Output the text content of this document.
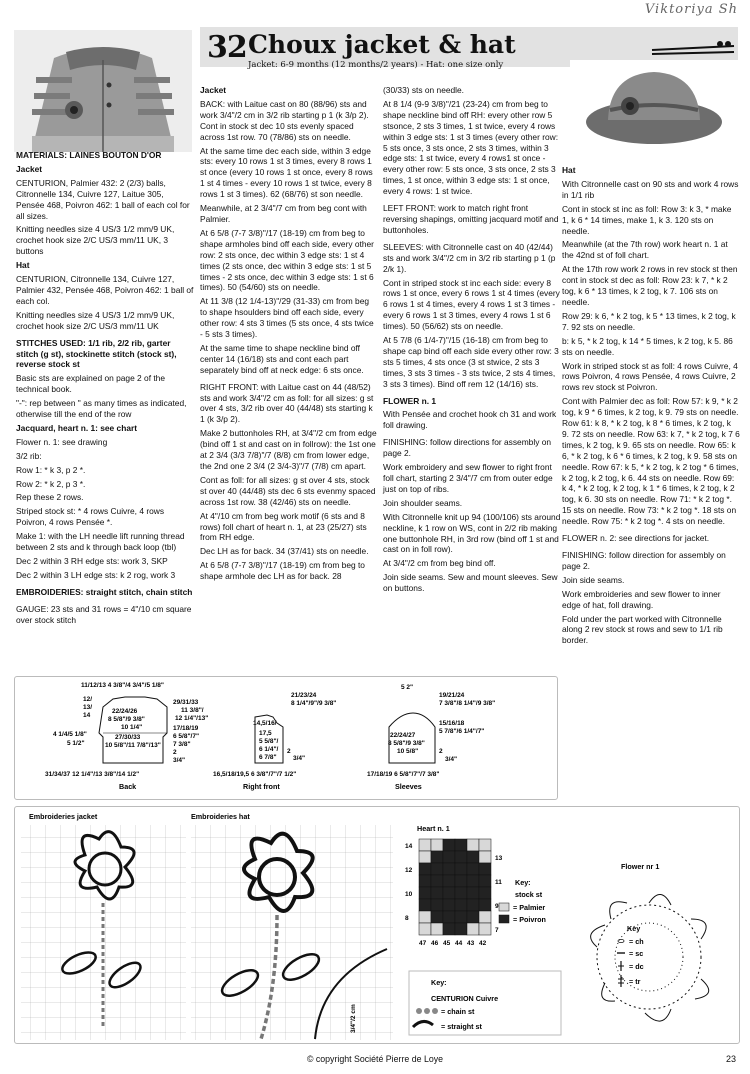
Viktoriya Sh
32 Choux jacket & hat
Jacket: 6-9 months (12 months/2 years) - Hat: one size only

MATERIALS: LAINES BOUTON D'OR

Jacket

CENTURION, Palmier 432: 2 (2/3) balls, Citronnelle 134, Cuivre 127, Laitue 305, Pensée 468, Poivron 462: 1 ball of each col for all sizes.

Knitting needles size 4 US/3 1/2 mm/9 UK, crochet hook size 2/C US/3 mm/11 UK, 3 buttons

Hat

CENTURION, Citronnelle 134, Cuivre 127, Palmier 432, Pensée 468, Poivron 462: 1 ball of each col.

Knitting needles size 4 US/3 1/2 mm/9 UK, crochet hook size 2/C US/3 mm/11 UK

STITCHES USED: 1/1 rib, 2/2 rib, garter stitch (g st), stockinette stitch (stock st), reverse stock st

Basic sts are explained on page 2 of the technical book.

"-": rep between " as many times as indicated, otherwise till the end of the row

Jacquard, heart n. 1: see chart

Flower n. 1: see drawing

3/2 rib:

Row 1: * k 3, p 2 *.

Row 2: * k 2, p 3 *.

Rep these 2 rows.

Striped stock st: * 4 rows Cuivre, 4 rows Poivron, 4 rows Pensée *.

Make 1: with the LH needle lift running thread between 2 sts and k through back loop (tbl)

Dec 2 within 3 RH edge sts: work 3, SKP

Dec 2 within 3 LH edge sts: k 2 rog, work 3

EMBROIDERIES: straight stitch, chain stitch

GAUGE: 23 sts and 31 rows = 4"/10 cm square over stock stitch

Jacket

BACK: with Laitue cast on 80 (88/96) sts and work 3/4"/2 cm in 3/2 rib starting p 1 (k 3/p 2). Cont in stock st dec 10 sts evenly spaced across 1st row. 70 (78/86) sts on needle.

At the same time dec each side, within 3 edge sts: every 10 rows 1 st 3 times, every 8 rows 1 st once (every 10 rows 1 st once, every 8 rows 1 st 4 times - every 10 rows 1 st twice, every 8 rows 1 st 3 times). 62 (68/76) st son needle.

Meanwhile, at 2 3/4"/7 cm from beg cont with Palmier.

At 6 5/8 (7-7 3/8)"/17 (18-19) cm from beg to shape armholes bind off each side, every other row: 2 sts once, dec within 3 edge sts: 1 st 4 times (2 sts once, dec within 3 edge sts: 1 st 5 times - 2 sts once, dec within 3 edge sts: 1 st 6 times). 50 (54/60) sts on needle.

At 11 3/8 (12 1/4-13)"/29 (31-33) cm from beg to shape hsoulders bind off each side, every other row: 4 sts 3 times (5 sts once, 4 sts twice - 5 sts 3 times).

At the same time to shape neckline bind off center 14 (16/18) sts and cont each part separately bind off at neck edge: 6 sts once.

RIGHT FRONT: with Laitue cast on 44 (48/52) sts and work 3/4"/2 cm as foll: for all sizes: g st over 4 sts, 3/2 rib over 40 (44/48) sts starting k 1 (k 3/p 2).

Make 2 buttonholes RH, at 3/4"/2 cm from edge (bind off 1 st and cast on in follrow): the 1st one at 2 3/4 (3/3 7/8)"/7 (8/8) cm from lower edge, the 2nd one 2 3/4 (2 3/4-3)"/7 (7/8) cm apart.

Cont as foll: for all sizes: g st over 4 sts, stock st over 40 (44/48) sts dec 6 sts evenmy spaced across 1st row. 38 (42/46) sts on needle.

At 4"/10 cm from beg work motif (6 sts and 8 rows) foll chart of heart n. 1, at 23 (25/27) sts from RH edge.

Dec LH as for back. 34 (37/41) sts on needle.

At 6 5/8 (7-7 3/8)"/17 (18-19) cm from beg to shape armhole dec LH as for back. 28

(30/33) sts on needle.

At 8 1/4 (9-9 3/8)"/21 (23-24) cm from beg to shape neckline bind off RH: every other row 5 stsonce, 2 sts 3 times, 1 st twice, every 4 rows within 3 edge sts: 1 st 3 times (every other row: 5 sts once, 3 sts once, 2 sts 3 times, within 3 edge sts: 1 st twice, every 4 rows1 st once - every other row: 5 sts once, 3 sts once, 2 sts 3 times, 1 st once, within 3 edge sts: 1 st once, every 4 rows: 1 st twice.

LEFT FRONT: work to match right front reversing shapings, omitting jacquard motif and buttonholes.

SLEEVES: with Citronnelle cast on 40 (42/44) sts and work 3/4"/2 cm in 3/2 rib starting p 1 (p 2/k 1).

Cont in striped stock st inc each side: every 8 rows 1 st once, every 6 rows 1 st 4 times (every 6 rows 1 st 4 times, every 4 rows 1 st 3 times - every 6 rows 1 st 3 times, every 4 rows 1 st 6 times). 50 (56/62) sts on needle.

At 5 7/8 (6 1/4-7)"/15 (16-18) cm from beg to shape cap bind off each side every other row: 3 sts 5 times, 4 sts once (3 st stwice, 2 sts 3 times, 3 sts 3 times - 3 sts twice, 2 sts 4 times, 3 sts 3 times). Bind off rem 12 (14/16) sts.

FLOWER n. 1

With Pensée and crochet hook ch 31 and work foll drawing.

FINISHING: follow directions for assembly on page 2.

Work embroidery and sew flower to right front foll chart, starting 2 3/4"/7 cm from outer edge just on top of ribs.

Join shoulder seams.

With Citronnelle knit up 94 (100/106) sts around neckline, k 1 row on WS, cont in 2/2 rib making one buttonhole RH, in 3rd row (bind off 1 st and cast on in foll row).

At 3/4"/2 cm from beg bind off.

Join side seams. Sew and mount sleeves. Sew on buttons.

Hat

With Citronnelle cast on 90 sts and work 4 rows in 1/1 rib

Cont in stock st inc as foll: Row 3: k 3, * make 1, k 6 * 14 times, make 1, k 3. 120 sts on needle.

Meanwhile (at the 7th row) work heart n. 1 at the 42nd st of foll chart.

At the 17th row work 2 rows in rev stock st then cont in stock st dec as foll: Row 23: k 7, * k 2 tog, k 6 * 13 times, k 2 tog, k 7. 106 sts on needle.

Row 29: k 6, * k 2 tog, k 5 * 13 times, k 2 tog, k 7. 92 sts on needle.

b: k 5, * k 2 tog, k 14 * 5 times, k 2 tog, k 5. 86 sts on needle.

Work in striped stock st as foll: 4 rows Cuivre, 4 rows Poivron, 4 rows Pensée, 4 rows Cuivre, 2 rows rev stock st Poivron.

Cont with Palmier dec as foll: Row 57: k 9, * k 2 tog, k 9 * 6 times, k 2 tog, k 9. 79 sts on needle. Row 61: k 8, * k 2 tog, k 8 * 6 times, k 2 tog, k 9. 72 sts on needle. Row 63: k 7, * k 2 tog, k 7 6 times, k 2 tog, k 9. 65 sts on needle. Row 65: k 6, * k 2 tog, k 6 * 6 times, k 2 tog, k 9. 58 sts on needle. Row 67: k 5, * k 2 tog, k 2 tog * 6 times, k 2 tog, k 2 tog, k 6. 44 sts on needle. Row 69: k 4, * k 2 tog, k 2 tog, k 1 * 6 times, k 2 tog, k 2 tog, k 6. 30 sts on needle. Row 71: * k 2 tog *. 15 sts on needle. Row 73: * k 2 tog *. 18 sts on needle. Row 75: * k 2 tog *. 4 sts on needle.

FLOWER n. 2: see directions for jacket.

FINISHING: follow direction for assembly on page 2.

Join side seams.

Work embroideries and sew flower to inner edge of hat, foll drawing.

Fold under the part worked with Citronnelle along 2 rev stock st rows and sew to 1/1 rib border.

11/12/13 4 3/8"/4 3/4"/5 1/8"
12/
13/
14
4 1/4/5 1/8"
5 1/2"
22/24/26
8 5/8"/9 3/8"
10 1/4"
27/30/33
10 5/8"/11 7/8"/13"
29/31/33
11 3/8"/
12 1/4"/13"
17/18/19
6 5/8"/7"
7 3/8"
2
3/4"
31/34/37 12 1/4"/13 3/8"/14 1/2"
Back
21/23/24
8 1/4"/9"/9 3/8"
14,5/16/
17,5
5 5/8"/
6 1/4"/
6 7/8"
2
3/4"
16,5/18/19,5 6 3/8"/7"/7 1/2"
Right front
5 2"
22/24/27
8 5/8"/9 3/8"
10 5/8"
19/21/24
7 3/8"/8 1/4"/9 3/8"
15/16/18
5 7/8"/6 1/4"/7"
2
3/4"
17/18/19 6 5/8"/7"/7 3/8"
Sleeves
Embroideries jacket	Embroideries hat
3/4"/2 cm
Heart n. 1
14
13
12
11
10
9
8
7
47 46 45 44 43 42
Key:
stock st
= Palmier
= Poivron
Key:
CENTURION Cuivre
= chain st
= straight st
Flower nr 1
Key
= ch
= sc
= dc
= tr
© copyright Société Pierre de Loye	23
